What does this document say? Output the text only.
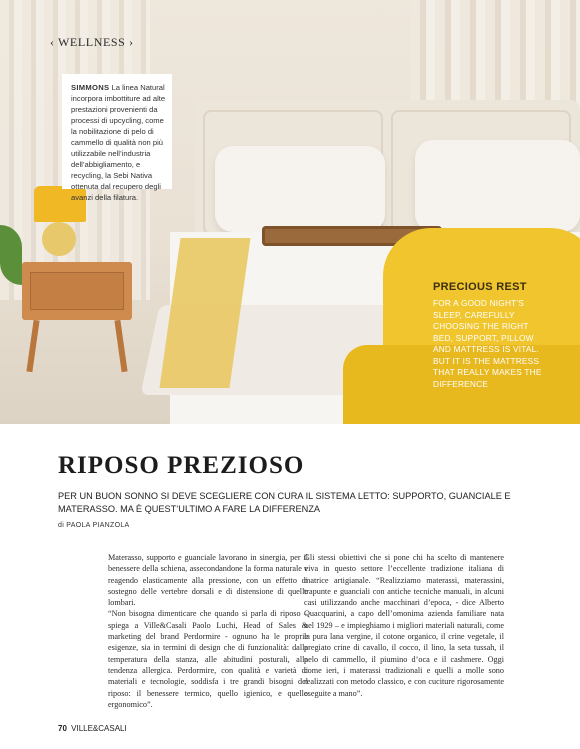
‹ WELLNESS ›
SIMMONS La linea Natural incorpora imbottiture ad alte prestazioni provenienti da processi di upcycling, come la nobilitazione di pelo di cammello di qualità non più utilizzabile nell’industria dell’abbigliamento, e recycling, la Sebi Nativa ottenuta dal recupero degli avanzi della filatura.
PRECIOUS REST
FOR A GOOD NIGHT'S SLEEP, CAREFULLY CHOOSING THE RIGHT BED, SUPPORT, PILLOW AND MATTRESS IS VITAL. BUT IT IS THE MATTRESS THAT REALLY MAKES THE DIFFERENCE
RIPOSO PREZIOSO
PER UN BUON SONNO SI DEVE SCEGLIERE CON CURA IL SISTEMA LETTO: SUPPORTO, GUANCIALE E MATERASSO. MA È QUEST’ULTIMO A FARE LA DIFFERENZA
di PAOLA PIANZOLA

Materasso, supporto e guanciale lavorano in sinergia, per il benessere della schiena, assecondandone la forma naturale e reagendo elasticamente alla pressione, con un effetto di sostegno delle vertebre dorsali e di distensione di quelle lombari.

“Non bisogna dimenticare che quando si parla di riposo – spiega a Ville&Casali Paolo Luchi, Head of Sales & marketing del brand Perdormire - ognuno ha le proprie esigenze, sia in termini di design che di funzionalità: dalla temperatura della stanza, alle abitudini posturali, alla tendenza allergica. Perdormire, con qualità e varietà di materiali e tecnologie, soddisfa i tre grandi bisogni del riposo: il benessere termico, quello igienico, e quello ergonomico”.

Gli stessi obiettivi che si pone chi ha scelto di mantenere viva in questo settore l’eccellente tradizione italiana di matrice artigianale. “Realizziamo materassi, materassini, trapunte e guanciali con antiche tecniche manuali, in alcuni casi utilizzando anche macchinari d’epoca, - dice Alberto Quacquarini, a capo dell’omonima azienda familiare nata nel 1929 – e impieghiamo i migliori materiali naturali, come la pura lana vergine, il cotone organico, il crine vegetale, il pregiato crine di cavallo, il cocco, il lino, la seta tussah, il pelo di cammello, il piumino d’oca e il cashmere. Oggi come ieri, i materassi tradizionali e quelli a molle sono realizzati con metodo classico, e con cuciture rigorosamente eseguite a mano”.

70 VILLE&CASALI
